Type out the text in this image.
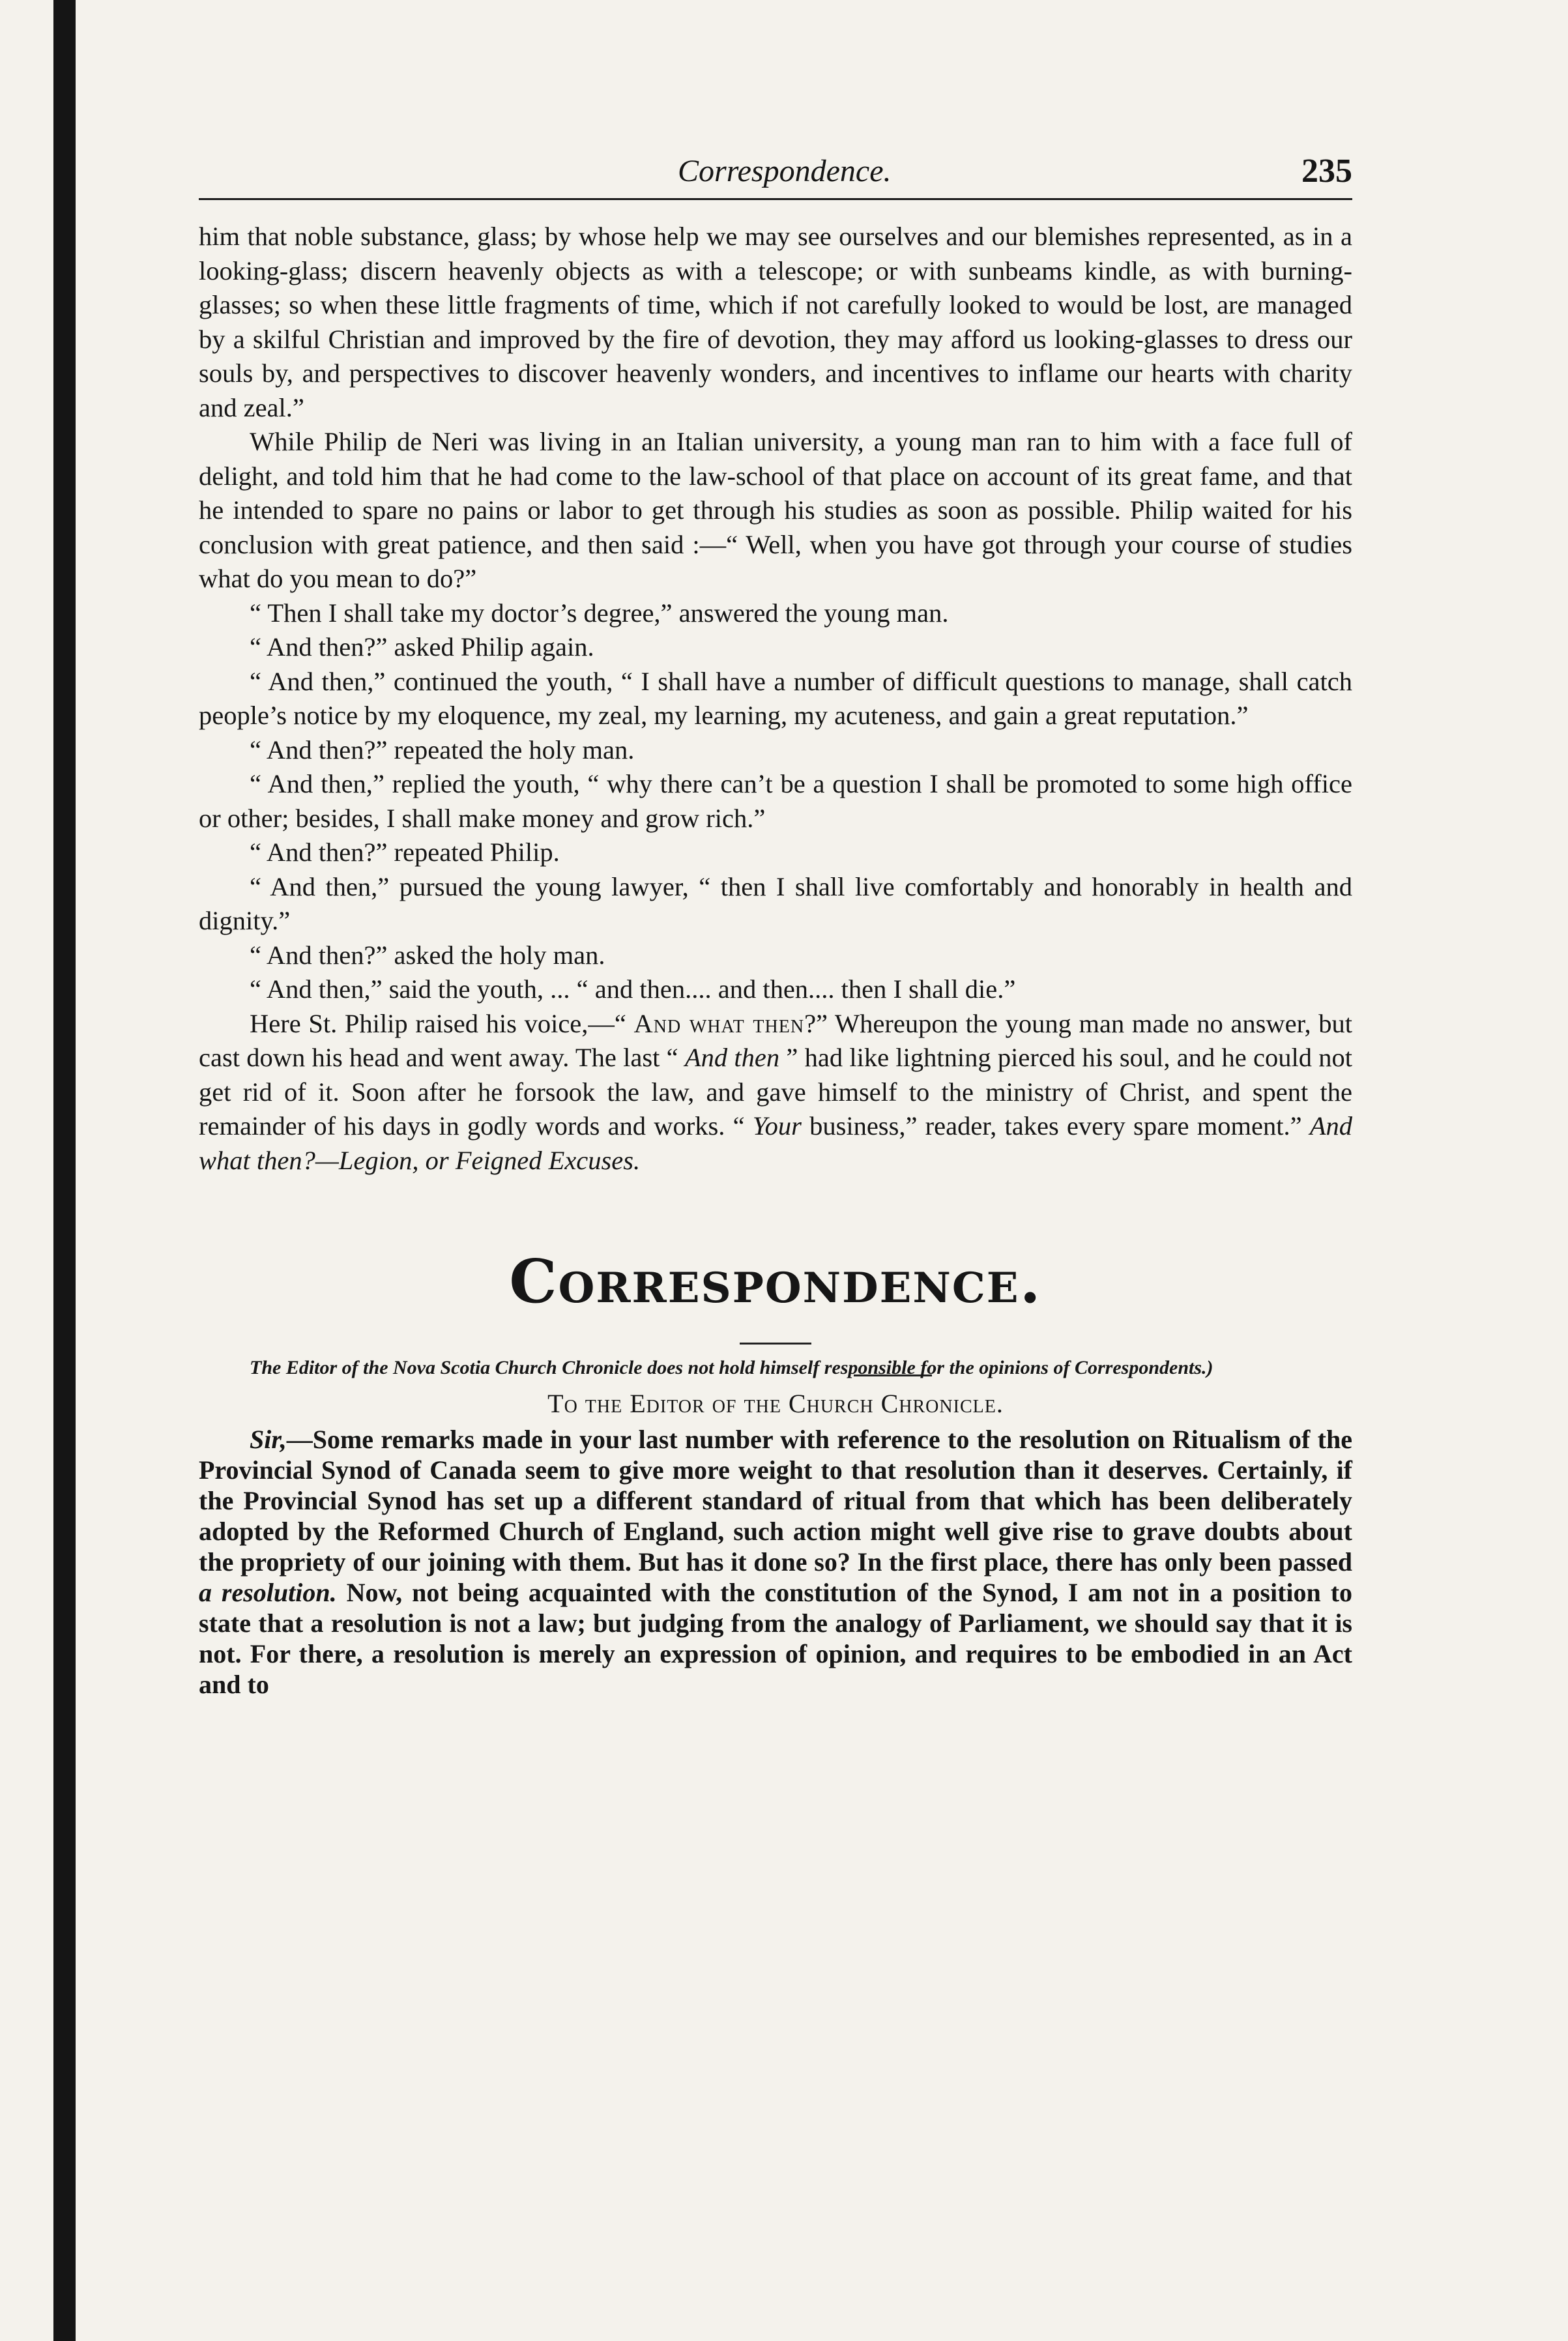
Correspondence.	235

him that noble substance, glass; by whose help we may see ourselves and our blemishes represented, as in a looking-glass; discern heavenly objects as with a telescope; or with sunbeams kindle, as with burning-glasses; so when these little fragments of time, which if not carefully looked to would be lost, are managed by a skilful Christian and improved by the fire of devotion, they may afford us looking-glasses to dress our souls by, and perspectives to discover heavenly wonders, and incentives to inflame our hearts with charity and zeal.”

While Philip de Neri was living in an Italian university, a young man ran to him with a face full of delight, and told him that he had come to the law-school of that place on account of its great fame, and that he intended to spare no pains or labor to get through his studies as soon as possible. Philip waited for his conclusion with great patience, and then said :—“ Well, when you have got through your course of studies what do you mean to do?”

“ Then I shall take my doctor’s degree,” answered the young man.

“ And then?” asked Philip again.

“ And then,” continued the youth, “ I shall have a number of difficult questions to manage, shall catch people’s notice by my eloquence, my zeal, my learning, my acuteness, and gain a great reputation.”

“ And then?” repeated the holy man.

“ And then,” replied the youth, “ why there can’t be a question I shall be promoted to some high office or other; besides, I shall make money and grow rich.”

“ And then?” repeated Philip.

“ And then,” pursued the young lawyer, “ then I shall live comfortably and honorably in health and dignity.”

“ And then?” asked the holy man.

“ And then,” said the youth, ... “ and then.... and then.... then I shall die.”

Here St. Philip raised his voice,—“ And what then?” Whereupon the young man made no answer, but cast down his head and went away. The last “ And then ” had like lightning pierced his soul, and he could not get rid of it. Soon after he forsook the law, and gave himself to the ministry of Christ, and spent the remainder of his days in godly words and works. “ Your business,” reader, takes every spare moment.” And what then?—Legion, or Feigned Excuses.

Correspondence.

The Editor of the Nova Scotia Church Chronicle does not hold himself responsible for the opinions of Correspondents.)

To the Editor of the Church Chronicle.

Sir,—Some remarks made in your last number with reference to the resolution on Ritualism of the Provincial Synod of Canada seem to give more weight to that resolution than it deserves. Certainly, if the Provincial Synod has set up a different standard of ritual from that which has been deliberately adopted by the Reformed Church of England, such action might well give rise to grave doubts about the propriety of our joining with them. But has it done so? In the first place, there has only been passed a resolution. Now, not being acquainted with the constitution of the Synod, I am not in a position to state that a resolution is not a law; but judging from the analogy of Parliament, we should say that it is not. For there, a resolution is merely an expression of opinion, and requires to be embodied in an Act and to
